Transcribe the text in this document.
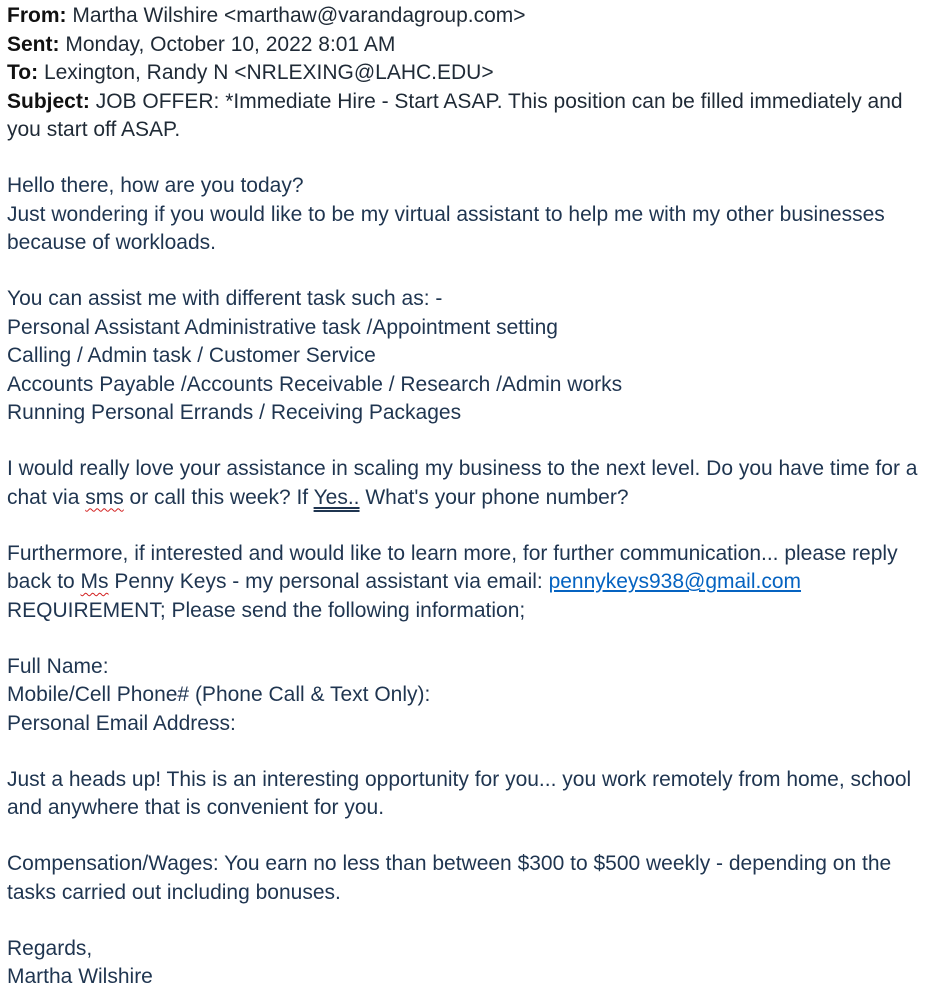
From: Martha Wilshire <marthaw@varandagroup.com>
Sent: Monday, October 10, 2022 8:01 AM
To: Lexington, Randy N <NRLEXING@LAHC.EDU>
Subject: JOB OFFER: *Immediate Hire - Start ASAP. This position can be filled immediately and you start off ASAP.
Hello there, how are you today?
Just wondering if you would like to be my virtual assistant to help me with my other businesses because of workloads.
You can assist me with different task such as: -
Personal Assistant Administrative task /Appointment setting
Calling / Admin task / Customer Service
Accounts Payable /Accounts Receivable / Research /Admin works
Running Personal Errands / Receiving Packages
I would really love your assistance in scaling my business to the next level. Do you have time for a chat via sms or call this week? If Yes.. What's your phone number?
Furthermore, if interested and would like to learn more, for further communication... please reply back to Ms Penny Keys - my personal assistant via email: pennykeys938@gmail.com
REQUIREMENT; Please send the following information;
Full Name:
Mobile/Cell Phone# (Phone Call & Text Only):
Personal Email Address:
Just a heads up! This is an interesting opportunity for you... you work remotely from home, school and anywhere that is convenient for you.
Compensation/Wages: You earn no less than between $300 to $500 weekly - depending on the tasks carried out including bonuses.
Regards,
Martha Wilshire
